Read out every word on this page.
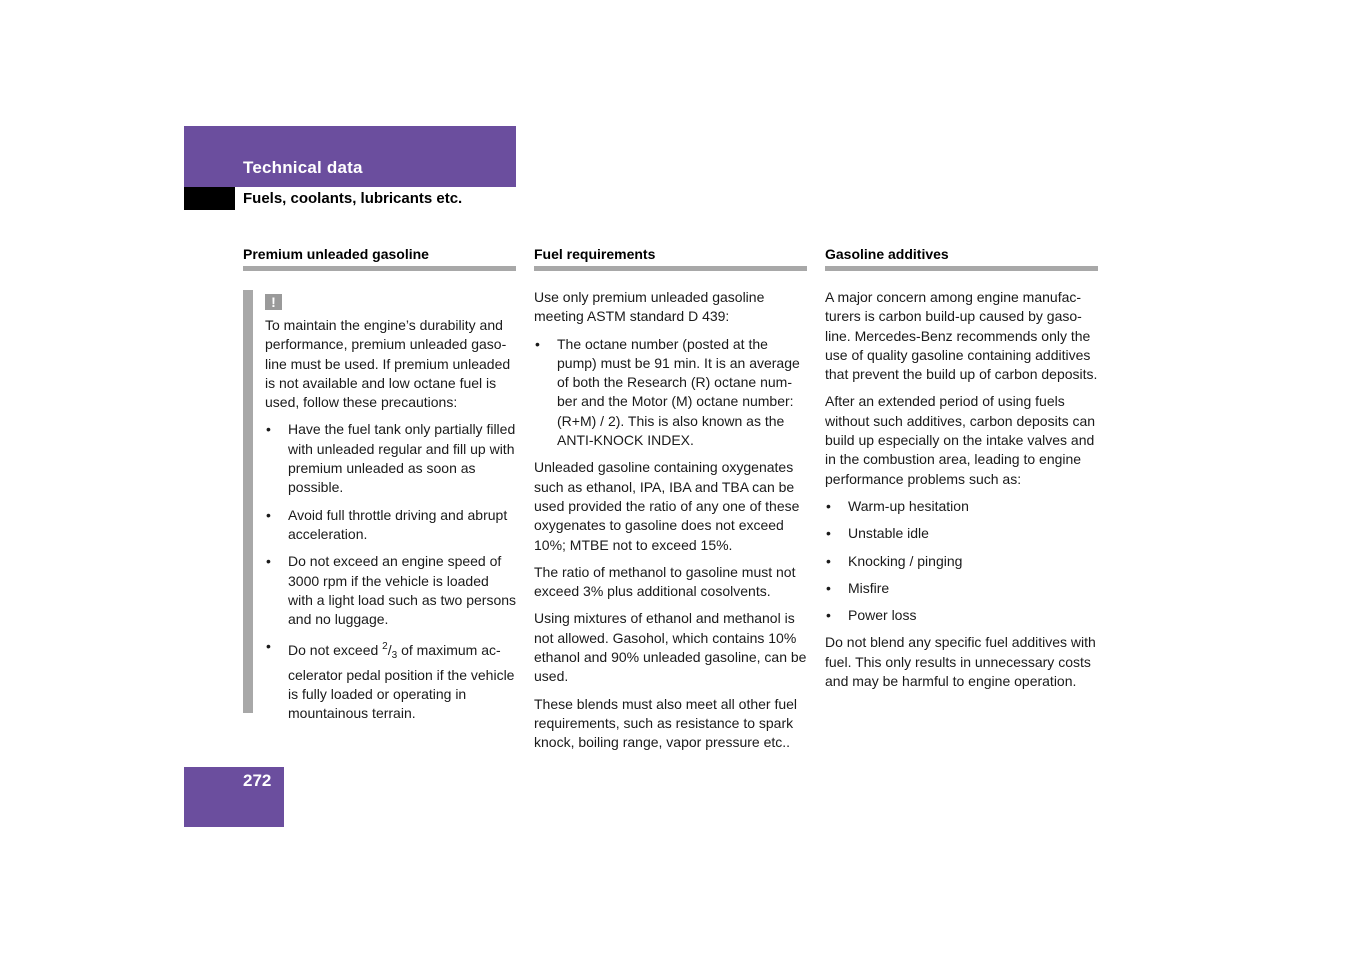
Technical data
Fuels, coolants, lubricants etc.
Premium unleaded gasoline
!

To maintain the engine’s durability and performance, premium unleaded gasoline must be used. If premium unleaded is not available and low octane fuel is used, follow these precautions:

• Have the fuel tank only partially filled with unleaded regular and fill up with premium unleaded as soon as possible.
• Avoid full throttle driving and abrupt acceleration.
• Do not exceed an engine speed of 3000 rpm if the vehicle is loaded with a light load such as two persons and no luggage.
• Do not exceed $^2/_3$ of maximum accelerator pedal position if the vehicle is fully loaded or operating in mountainous terrain.
Fuel requirements

Use only premium unleaded gasoline meeting ASTM standard D 439:

• The octane number (posted at the pump) must be 91 min. It is an average of both the Research (R) octane number and the Motor (M) octane number: (R+M) / 2). This is also known as the ANTI-KNOCK INDEX.

Unleaded gasoline containing oxygenates such as ethanol, IPA, IBA and TBA can be used provided the ratio of any one of these oxygenates to gasoline does not exceed 10%; MTBE not to exceed 15%.

The ratio of methanol to gasoline must not exceed 3% plus additional cosolvents.

Using mixtures of ethanol and methanol is not allowed. Gasohol, which contains 10% ethanol and 90% unleaded gasoline, can be used.

These blends must also meet all other fuel requirements, such as resistance to spark knock, boiling range, vapor pressure etc..

Gasoline additives

A major concern among engine manufacturers is carbon build-up caused by gasoline. Mercedes-Benz recommends only the use of quality gasoline containing additives that prevent the build up of carbon deposits.

After an extended period of using fuels without such additives, carbon deposits can build up especially on the intake valves and in the combustion area, leading to engine performance problems such as:

• Warm-up hesitation
• Unstable idle
• Knocking / pinging
• Misfire
• Power loss

Do not blend any specific fuel additives with fuel. This only results in unnecessary costs and may be harmful to engine operation.

272
